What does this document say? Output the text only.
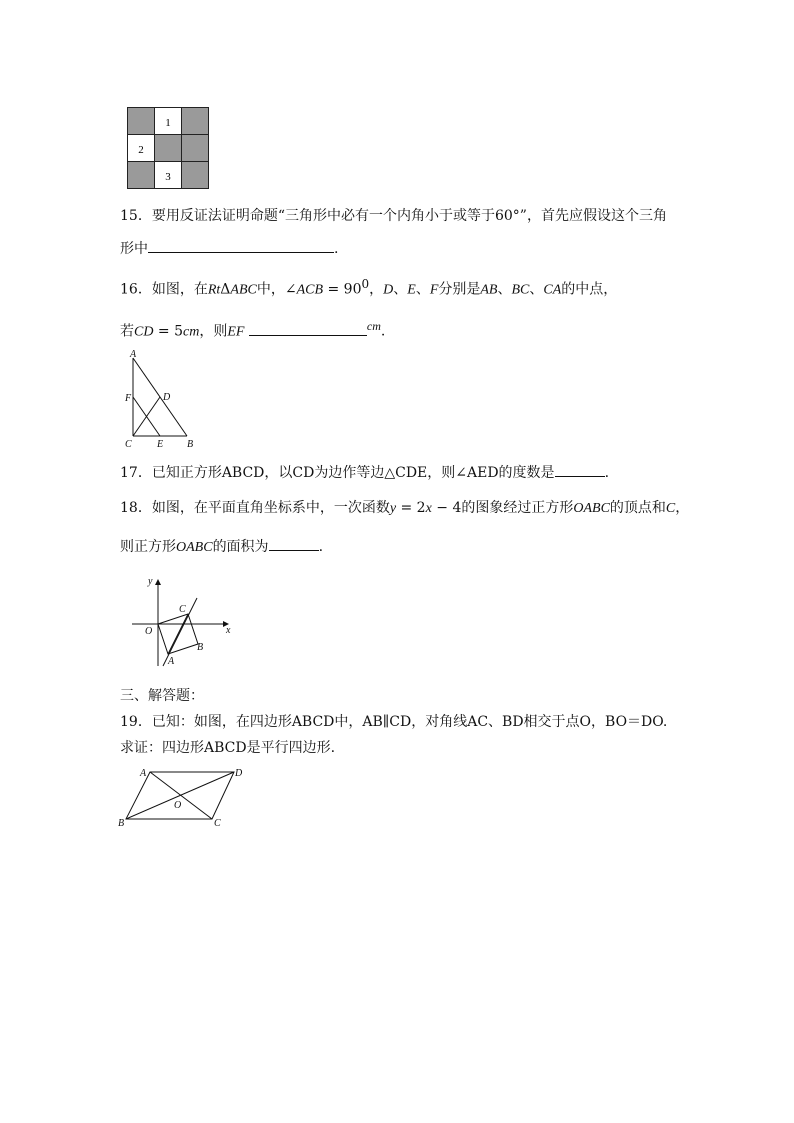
1
2
3
15．要用反证法证明命题“三角形中必有一个内角小于或等于60°”，首先应假设这个三角
形中	.
16．如图，在RtΔABC中，∠ACB = $90^0$，D、E、F分别是AB、BC、CA的中点，
若CD = 5cm，则EF	$^{cm}$.
A
F	D
C	E B
17．已知正方形ABCD，以CD为边作等边△CDE，则∠AED的度数是	.
18．如图，在平面直角坐标系中，一次函数y = 2x − 4的图象经过正方形OABC的顶点和C，
则正方形OABC的面积为	.
y
x
O
C
A
B
三、解答题：
19．已知：如图，在四边形ABCD中，AB∥CD，对角线AC、BD相交于点O，BO＝DO.
求证：四边形ABCD是平行四边形.
A	D
O
B	C
